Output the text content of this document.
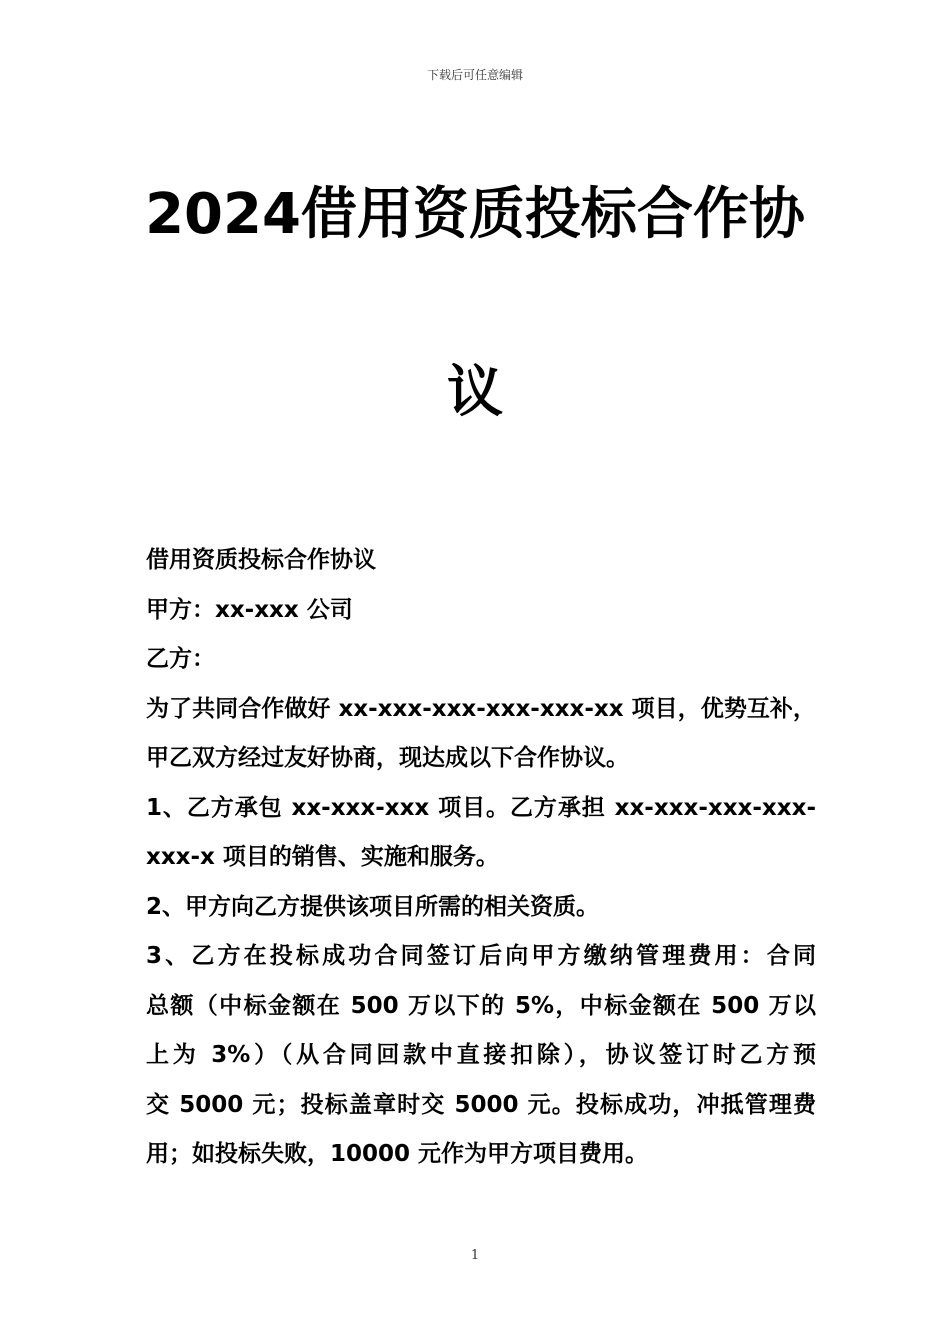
下载后可任意编辑
2024借用资质投标合作协
议

借用资质投标合作协议

甲方：xx-xxx 公司

乙方：

为了共同合作做好 xx-xxx-xxx-xxx-xxx-xx 项目，优势互补，

甲乙双方经过友好协商，现达成以下合作协议。

1、乙方承包 xx-xxx-xxx 项目。乙方承担 xx-xxx-xxx-xxx-

xxx-x 项目的销售、实施和服务。

2、甲方向乙方提供该项目所需的相关资质。

3、乙方在投标成功合同签订后向甲方缴纳管理费用：合同

总额（中标金额在 500 万以下的 5%，中标金额在 500 万以

上为 3%）（从合同回款中直接扣除），协议签订时乙方预

交 5000 元；投标盖章时交 5000 元。投标成功，冲抵管理费

用；如投标失败，10000 元作为甲方项目费用。

1
